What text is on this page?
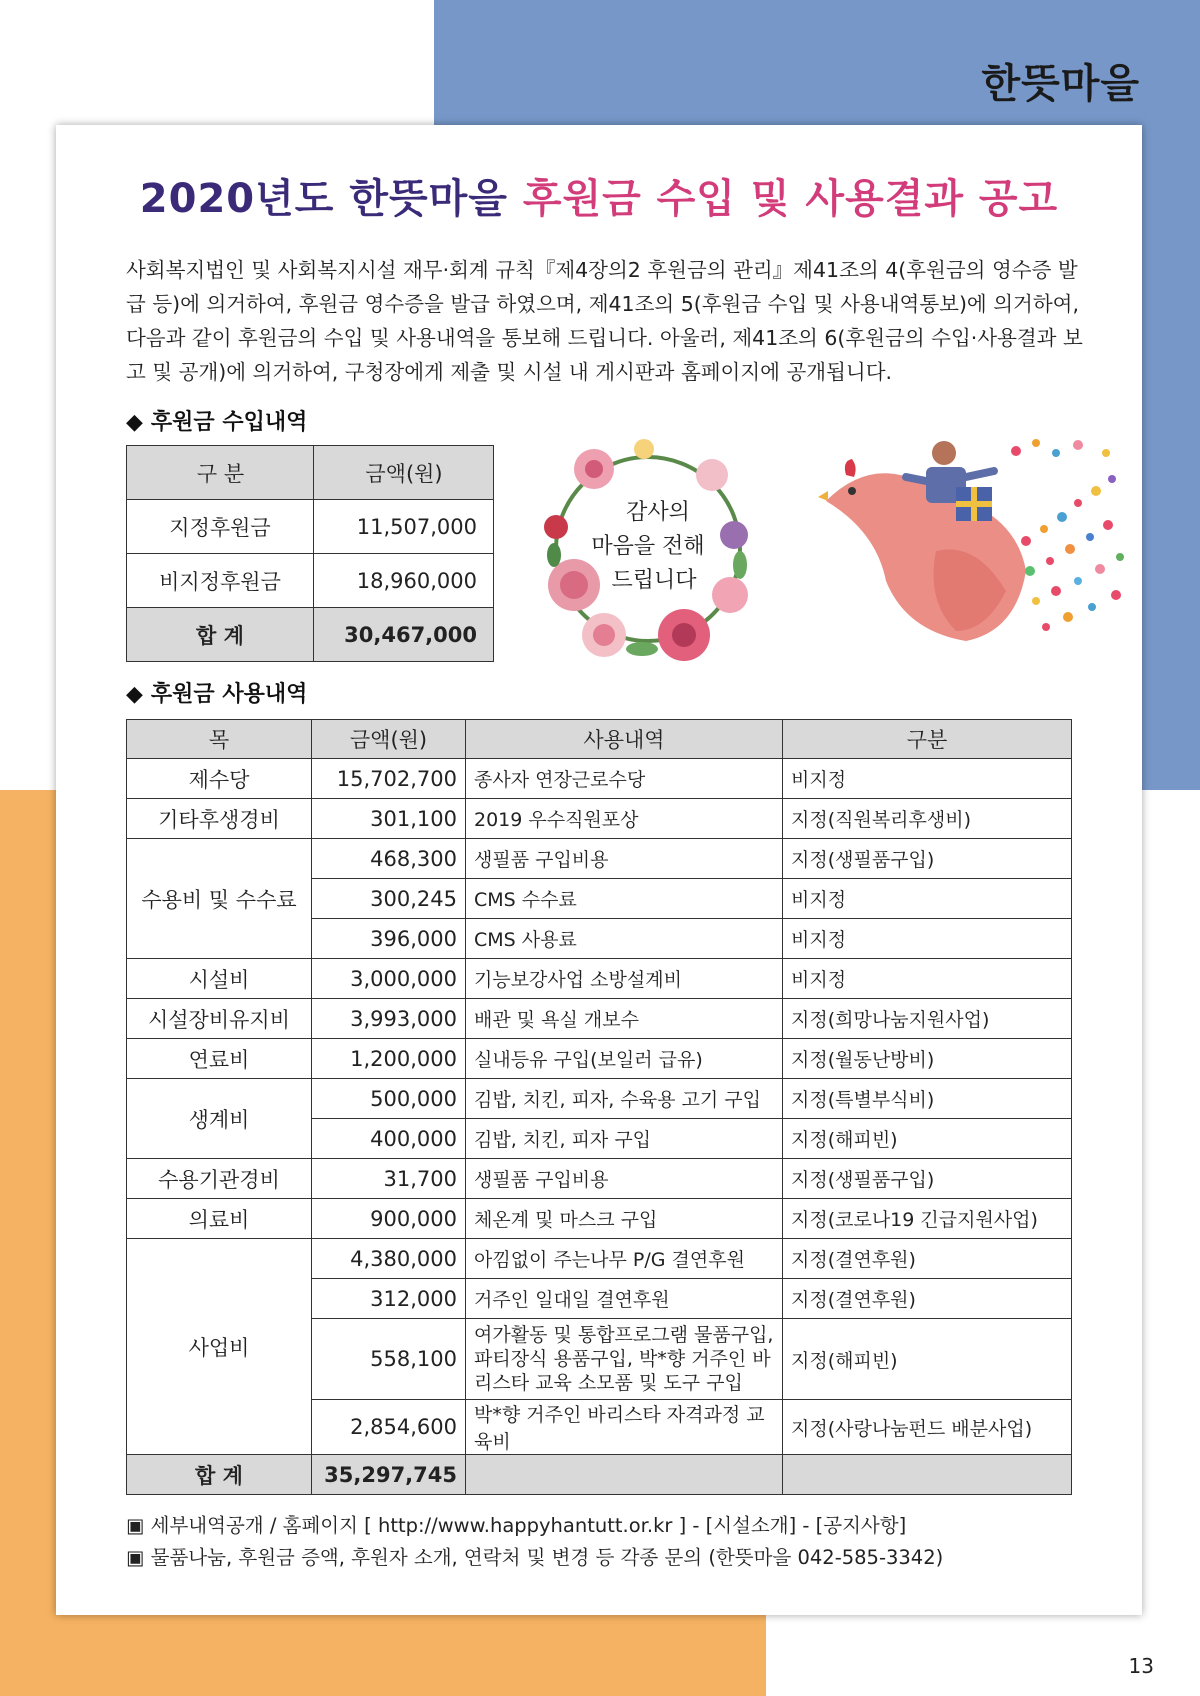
한뜻마을
2020년도 한뜻마을 후원금 수입 및 사용결과 공고
사회복지법인 및 사회복지시설 재무·회계 규칙『제4장의2 후원금의 관리』제41조의 4(후원금의 영수증 발급 등)에 의거하여, 후원금 영수증을 발급 하였으며, 제41조의 5(후원금 수입 및 사용내역통보)에 의거하여, 다음과 같이 후원금의 수입 및 사용내역을 통보해 드립니다. 아울러, 제41조의 6(후원금의 수입·사용결과 보고 및 공개)에 의거하여, 구청장에게 제출 및 시설 내 게시판과 홈페이지에 공개됩니다.
◆ 후원금 수입내역
구 분	금액(원)
지정후원금	11,507,000
비지정후원금	18,960,000
합 계	30,467,000
감사의
마음을 전해
드립니다
◆ 후원금 사용내역
목	금액(원)	사용내역	구분
제수당	15,702,700	종사자 연장근로수당	비지정
기타후생경비	301,100	2019 우수직원포상	지정(직원복리후생비)
수용비 및 수수료	468,300	생필품 구입비용	지정(생필품구입)
	300,245	CMS 수수료	비지정
	396,000	CMS 사용료	비지정
시설비	3,000,000	기능보강사업 소방설계비	비지정
시설장비유지비	3,993,000	배관 및 욕실 개보수	지정(희망나눔지원사업)
연료비	1,200,000	실내등유 구입(보일러 급유)	지정(월동난방비)
생계비	500,000	김밥, 치킨, 피자, 수육용 고기 구입	지정(특별부식비)
	400,000	김밥, 치킨, 피자 구입	지정(해피빈)
수용기관경비	31,700	생필품 구입비용	지정(생필품구입)
의료비	900,000	체온계 및 마스크 구입	지정(코로나19 긴급지원사업)
사업비	4,380,000	아낌없이 주는나무 P/G 결연후원	지정(결연후원)
	312,000	거주인 일대일 결연후원	지정(결연후원)
	558,100	여가활동 및 통합프로그램 물품구입, 파티장식 용품구입, 박*향 거주인 바리스타 교육 소모품 및 도구 구입	지정(해피빈)
	2,854,600	박*향 거주인 바리스타 자격과정 교육비	지정(사랑나눔펀드 배분사업)
합 계	35,297,745		
▣ 세부내역공개 / 홈페이지 [ http://www.happyhantutt.or.kr ] - [시설소개] - [공지사항]
▣ 물품나눔, 후원금 증액, 후원자 소개, 연락처 및 변경 등 각종 문의 (한뜻마을 042-585-3342)
13
